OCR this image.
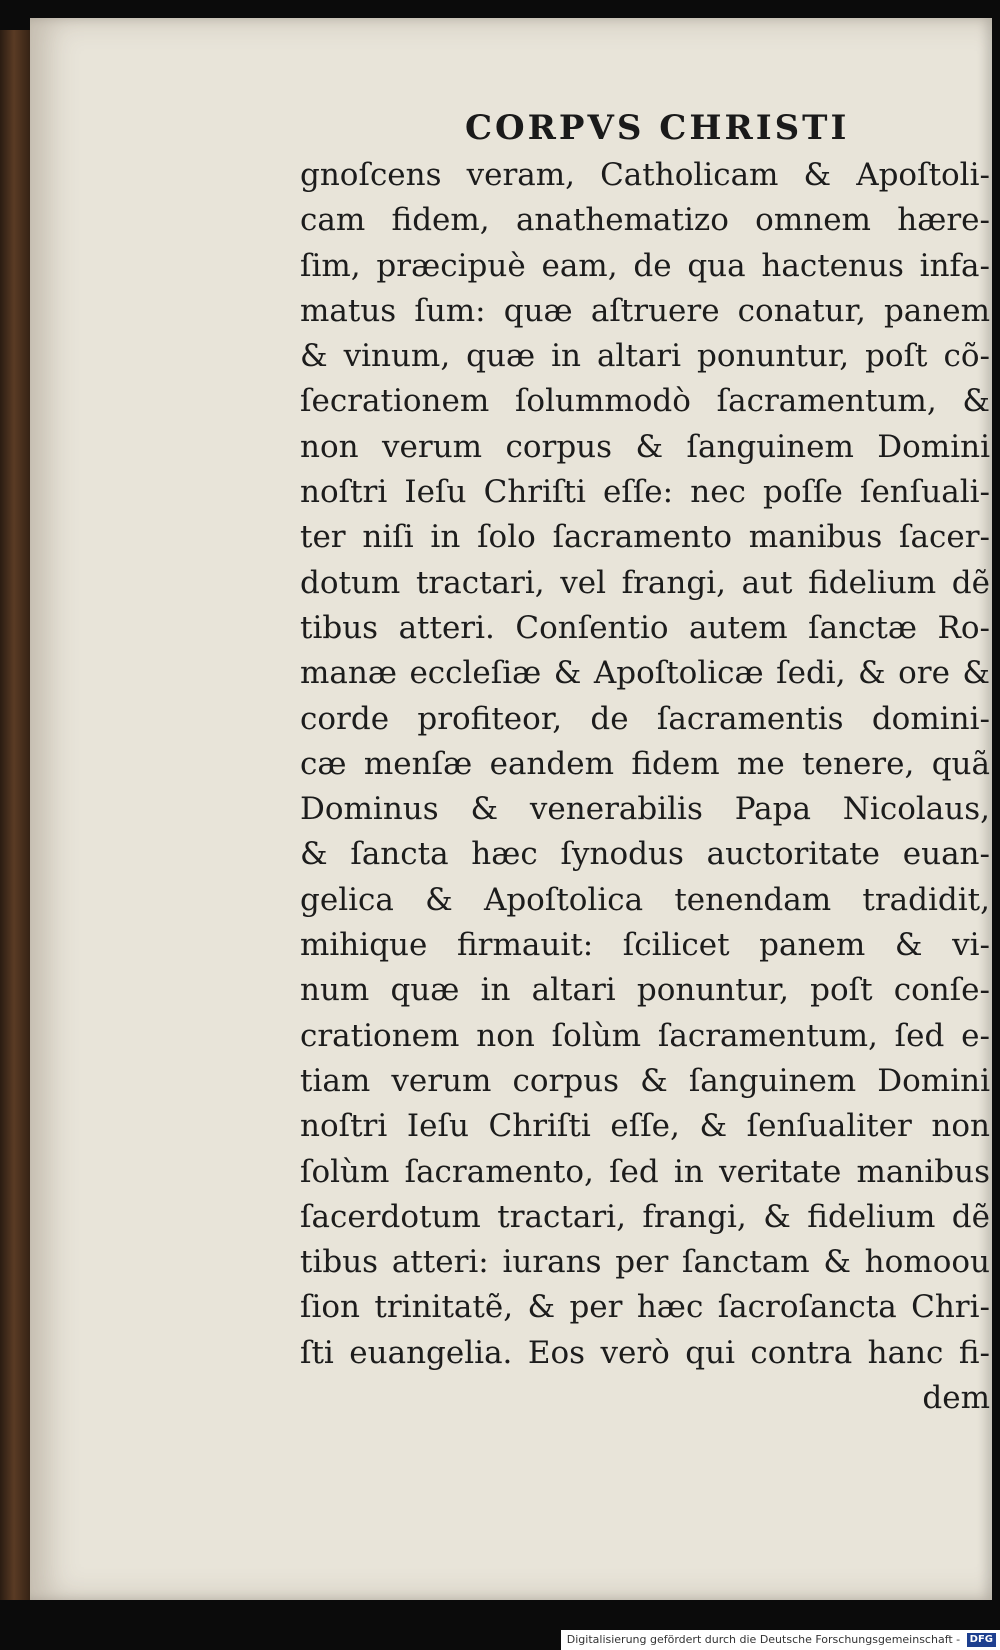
CORPVS CHRISTI
gnoſcens veram, Catholicam & Apoſtoli-
cam fidem, anathematizo omnem hære-
ſim, præcipuè eam, de qua hactenus infa-
matus ſum: quæ aſtruere conatur, panem
& vinum, quæ in altari ponuntur, poſt cõ-
ſecrationem ſolummodò ſacramentum, &
non verum corpus & ſanguinem Domini
noſtri Ieſu Chriſti eſſe: nec poſſe ſenſuali-
ter niſi in ſolo ſacramento manibus ſacer-
dotum tractari, vel frangi, aut fidelium dẽ
tibus atteri. Conſentio autem ſanctæ Ro-
manæ eccleſiæ & Apoſtolicæ ſedi, & ore &
corde profiteor, de ſacramentis domini-
cæ menſæ eandem fidem me tenere, quã
Dominus & venerabilis Papa Nicolaus,
& ſancta hæc ſynodus auctoritate euan-
gelica & Apoſtolica tenendam tradidit,
mihique firmauit: ſcilicet panem & vi-
num quæ in altari ponuntur, poſt conſe-
crationem non ſolùm ſacramentum, ſed e-
tiam verum corpus & ſanguinem Domini
noſtri Ieſu Chriſti eſſe, & ſenſualiter non
ſolùm ſacramento, ſed in veritate manibus
ſacerdotum tractari, frangi, & fidelium dẽ
tibus atteri: iurans per ſanctam & homoou
ſion trinitatẽ, & per hæc ſacroſancta Chri-
ſti euangelia. Eos verò qui contra hanc fi-
dem
Digitalisierung gefördert durch die Deutsche Forschungsgemeinschaft - DFG
